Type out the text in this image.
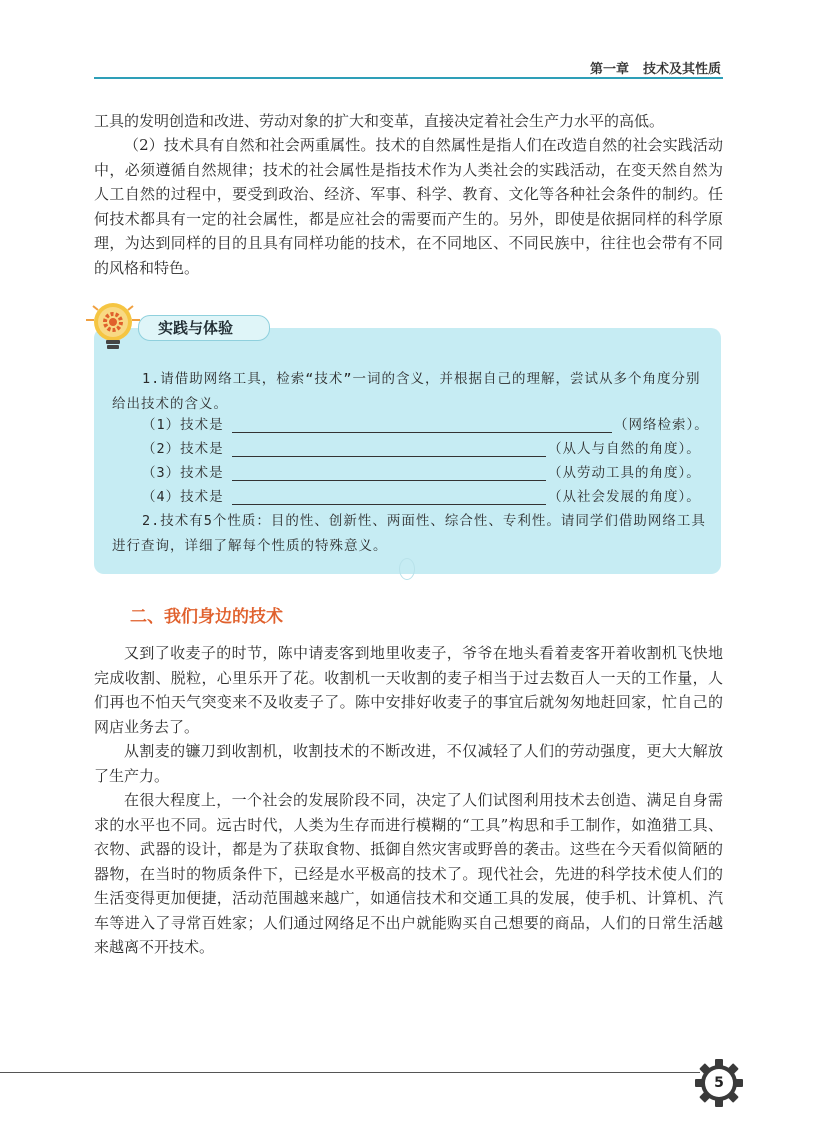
第一章 技术及其性质

工具的发明创造和改进、劳动对象的扩大和变革，直接决定着社会生产力水平的高低。

（2）技术具有自然和社会两重属性。技术的自然属性是指人们在改造自然的社会实践活动中，必须遵循自然规律；技术的社会属性是指技术作为人类社会的实践活动，在变天然自然为人工自然的过程中，要受到政治、经济、军事、科学、教育、文化等各种社会条件的制约。任何技术都具有一定的社会属性，都是应社会的需要而产生的。另外，即使是依据同样的科学原理，为达到同样的目的且具有同样功能的技术，在不同地区、不同民族中，往往也会带有不同的风格和特色。

实践与体验

1.请借助网络工具，检索“技术”一词的含义，并根据自己的理解，尝试从多个角度分别给出技术的含义。

（1）技术是	（网络检索）。
（2）技术是	（从人与自然的角度）。
（3）技术是	（从劳动工具的角度）。
（4）技术是	（从社会发展的角度）。

2.技术有5个性质：目的性、创新性、两面性、综合性、专利性。请同学们借助网络工具进行查询，详细了解每个性质的特殊意义。

二、我们身边的技术

又到了收麦子的时节，陈中请麦客到地里收麦子，爷爷在地头看着麦客开着收割机飞快地完成收割、脱粒，心里乐开了花。收割机一天收割的麦子相当于过去数百人一天的工作量，人们再也不怕天气突变来不及收麦子了。陈中安排好收麦子的事宜后就匆匆地赶回家，忙自己的网店业务去了。

从割麦的镰刀到收割机，收割技术的不断改进，不仅减轻了人们的劳动强度，更大大解放了生产力。

在很大程度上，一个社会的发展阶段不同，决定了人们试图利用技术去创造、满足自身需求的水平也不同。远古时代，人类为生存而进行模糊的“工具”构思和手工制作，如渔猎工具、衣物、武器的设计，都是为了获取食物、抵御自然灾害或野兽的袭击。这些在今天看似简陋的器物，在当时的物质条件下，已经是水平极高的技术了。现代社会，先进的科学技术使人们的生活变得更加便捷，活动范围越来越广，如通信技术和交通工具的发展，使手机、计算机、汽车等进入了寻常百姓家；人们通过网络足不出户就能购买自己想要的商品，人们的日常生活越来越离不开技术。

5
